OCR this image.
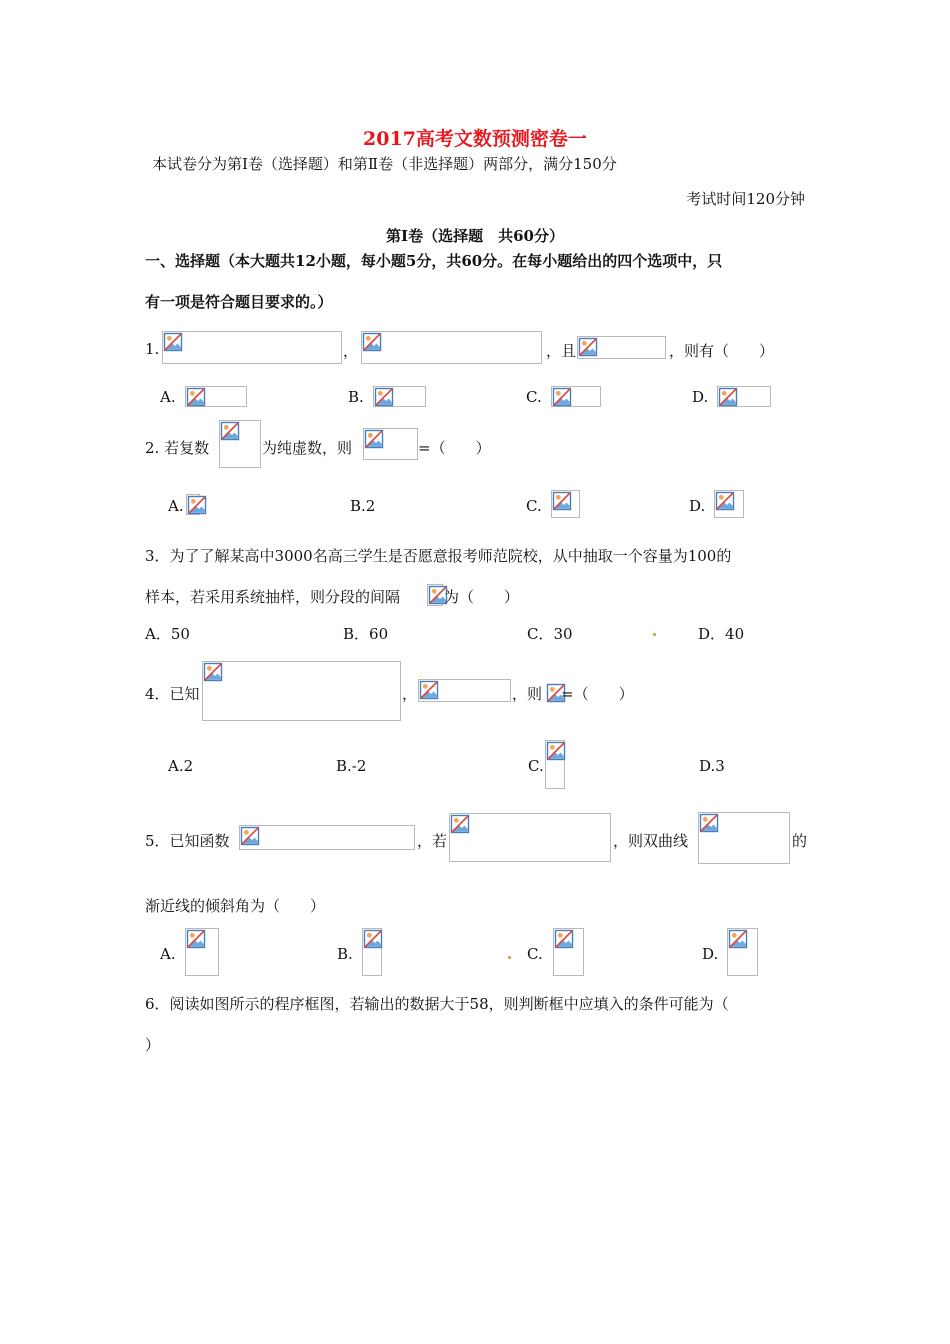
2017高考文数预测密卷一
本试卷分为第Ⅰ卷（选择题）和第Ⅱ卷（非选择题）两部分，满分150分
考试时间120分钟
第Ⅰ卷（选择题　共60分）
一、选择题（本大题共12小题，每小题5分，共60分。在每小题给出的四个选项中，只
有一项是符合题目要求的。）
1.	，	，且	，则有（　　）
A.	B.	C.	D.
2. 若复数	为纯虚数，则	=（　　）
A.	B.2	C.	D.
3．为了了解某高中3000名高三学生是否愿意报考师范院校，从中抽取一个容量为100的
样本，若采用系统抽样，则分段的间隔	为（　　）
A．50	B．60	C．30	D．40
4．已知	，	，则 =（　　）
A.2	B.-2	C.	D.3
5．已知函数	，若	，则双曲线	的
渐近线的倾斜角为（　　）
A.	B.	C.	D.
6．阅读如图所示的程序框图，若输出的数据大于58，则判断框中应填入的条件可能为（
）
